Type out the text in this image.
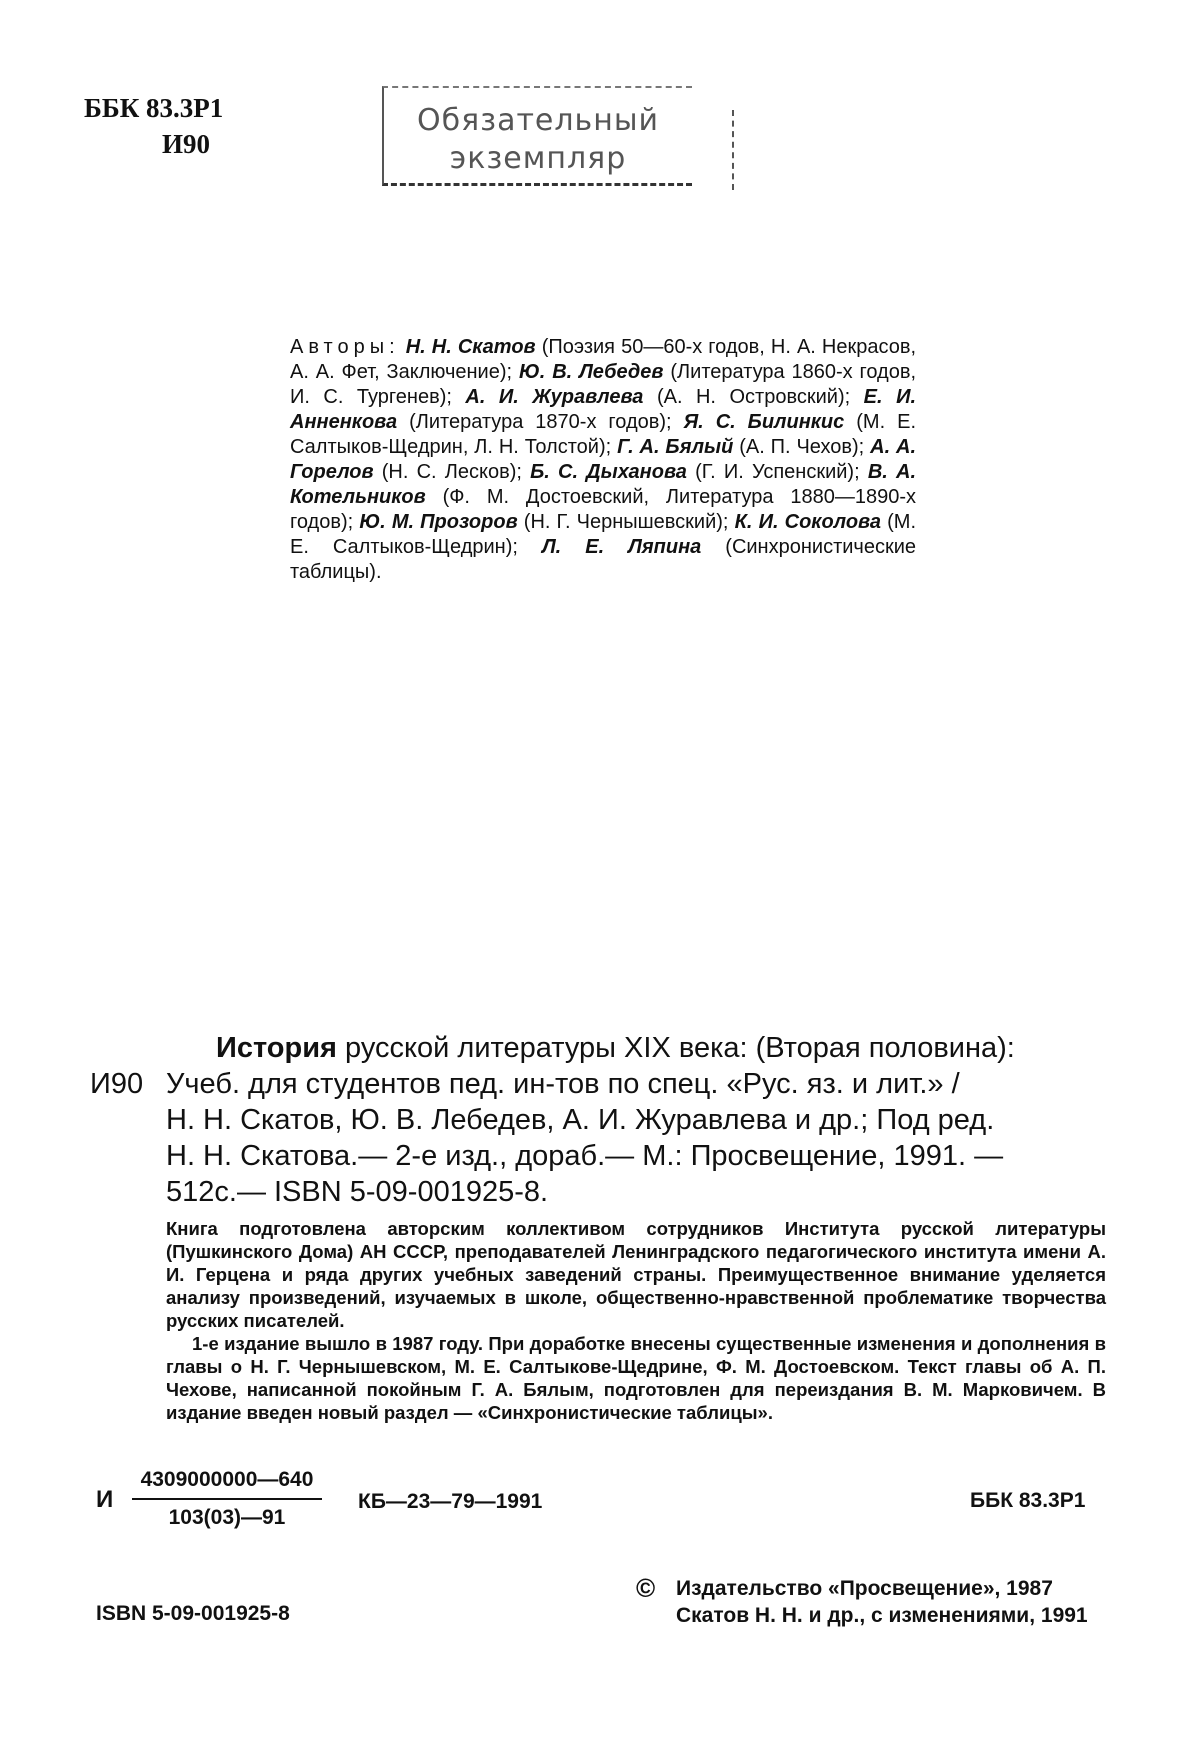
ББК 83.3Р1
И90
Обязательный
экземпляр
Авторы: Н. Н. Скатов (Поэзия 50—60-х годов, Н. А. Некрасов, А. А. Фет, Заключение); Ю. В. Лебедев (Литература 1860-х годов, И. С. Тургенев); А. И. Журавлева (А. Н. Островский); Е. И. Анненкова (Литература 1870-х годов); Я. С. Билинкис (М. Е. Салтыков-Щедрин, Л. Н. Толстой); Г. А. Бялый (А. П. Чехов); А. А. Горелов (Н. С. Лесков); Б. С. Дыханова (Г. И. Успенский); В. А. Котельников (Ф. М. Достоевский, Литература 1880—1890-х годов); Ю. М. Прозоров (Н. Г. Чернышевский); К. И. Соколова (М. Е. Салтыков-Щедрин); Л. Е. Ляпина (Синхронистические таблицы).
История русской литературы XIX века: (Вторая половина):
И90 Учеб. для студентов пед. ин-тов по спец. «Рус. яз. и лит.» /
Н. Н. Скатов, Ю. В. Лебедев, А. И. Журавлева и др.; Под ред.
Н. Н. Скатова.— 2-е изд., дораб.— М.: Просвещение, 1991. —
512с.— ISBN 5-09-001925-8.

Книга подготовлена авторским коллективом сотрудников Института русской литературы (Пушкинского Дома) АН СССР, преподавателей Ленинградского педагогического института имени А. И. Герцена и ряда других учебных заведений страны. Преимущественное внимание уделяется анализу произведений, изучаемых в школе, общественно-нравственной проблематике творчества русских писателей.

1-е издание вышло в 1987 году. При доработке внесены существенные изменения и дополнения в главы о Н. Г. Чернышевском, М. Е. Салтыкове-Щедрине, Ф. М. Достоевском. Текст главы об А. П. Чехове, написанной покойным Г. А. Бялым, подготовлен для переиздания В. М. Марковичем. В издание введен новый раздел — «Синхронистические таблицы».

И $\frac{4309000000—640}{103(03)—91}$ КБ—23—79—1991	ББК 83.3Р1
ISBN 5-09-001925-8
© Издательство «Просвещение», 1987
Скатов Н. Н. и др., с изменениями, 1991
